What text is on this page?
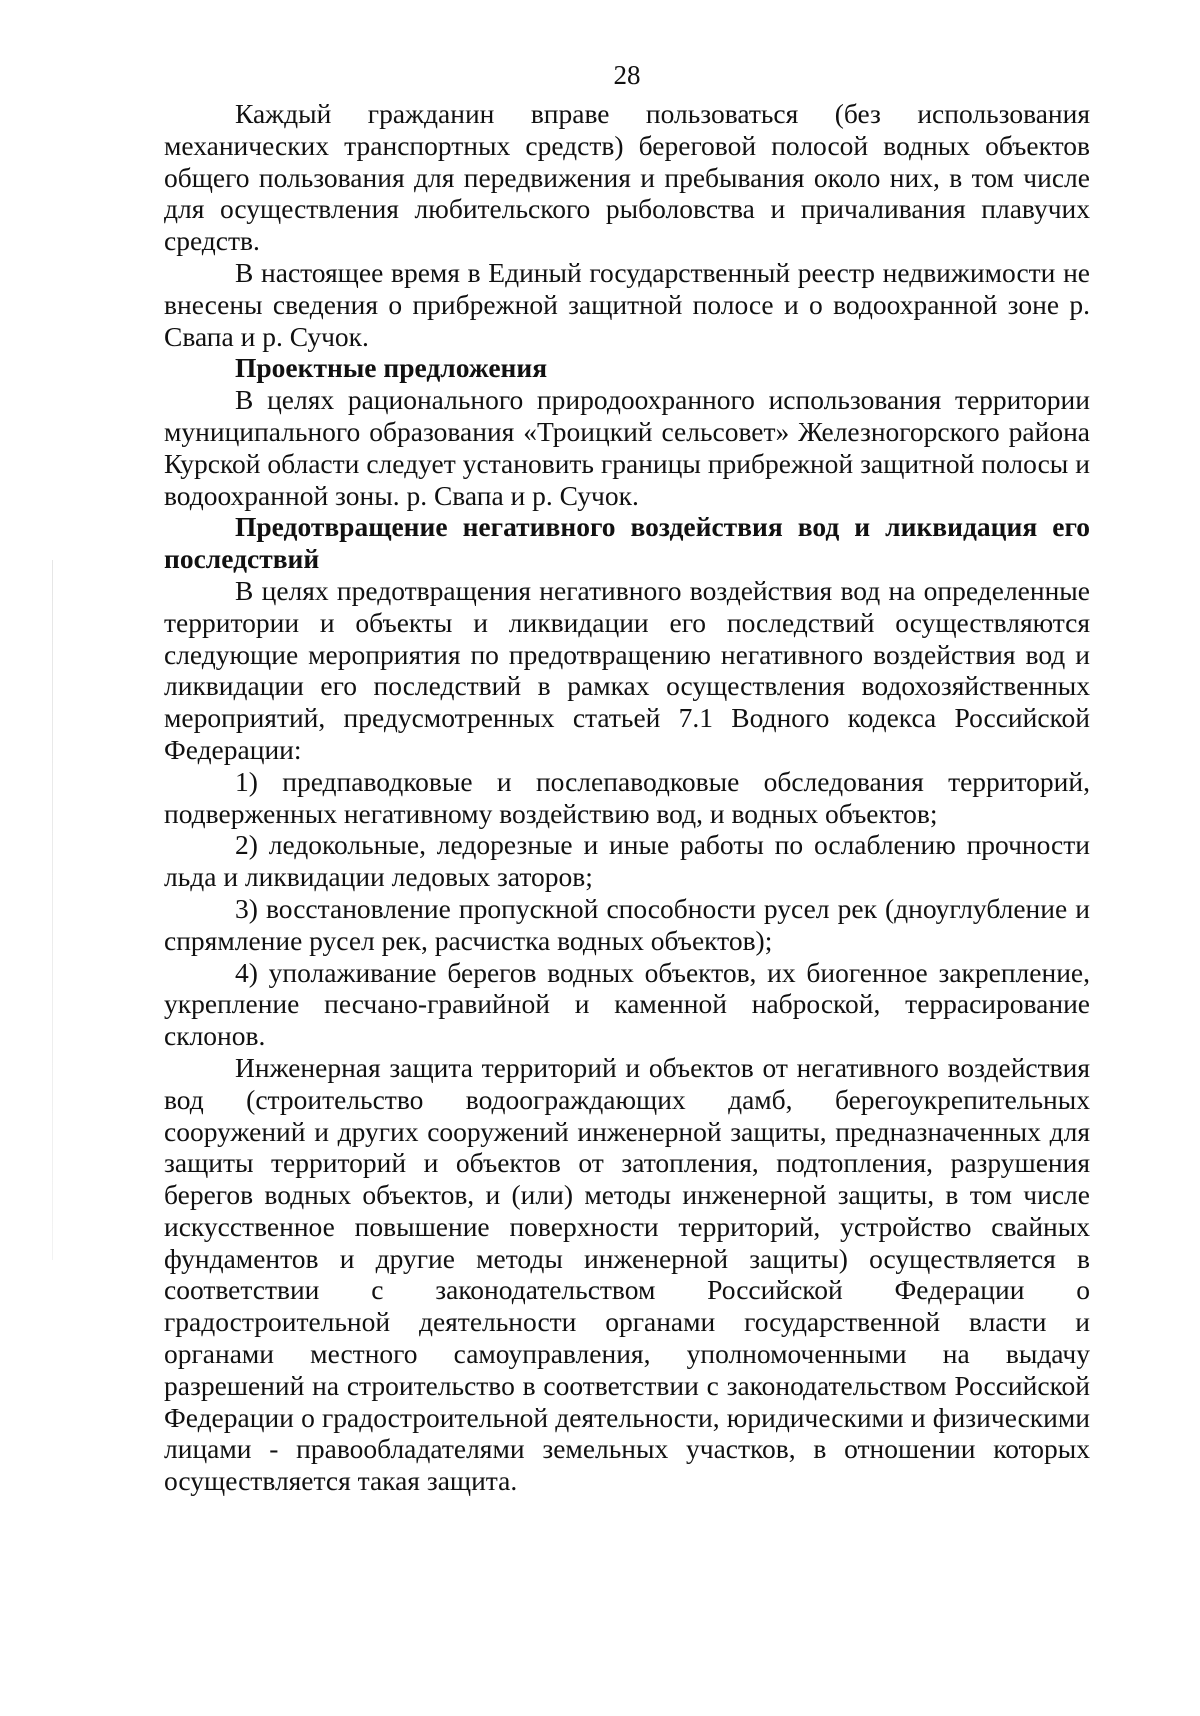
28

Каждый гражданин вправе пользоваться (без использования механических транспортных средств) береговой полосой водных объектов общего пользования для передвижения и пребывания около них, в том числе для осуществления любительского рыболовства и причаливания плавучих средств.

В настоящее время в Единый государственный реестр недвижимости не внесены сведения о прибрежной защитной полосе и о водоохранной зоне р. Свапа и р. Сучок.

Проектные предложения

В целях рационального природоохранного использования территории муниципального образования «Троицкий сельсовет» Железногорского района Курской области следует установить границы прибрежной защитной полосы и водоохранной зоны. р. Свапа и р. Сучок.

Предотвращение негативного воздействия вод и ликвидация его последствий

В целях предотвращения негативного воздействия вод на определенные территории и объекты и ликвидации его последствий осуществляются следующие мероприятия по предотвращению негативного воздействия вод и ликвидации его последствий в рамках осуществления водохозяйственных мероприятий, предусмотренных статьей 7.1 Водного кодекса Российской Федерации:

1) предпаводковые и послепаводковые обследования территорий, подверженных негативному воздействию вод, и водных объектов;

2) ледокольные, ледорезные и иные работы по ослаблению прочности льда и ликвидации ледовых заторов;

3) восстановление пропускной способности русел рек (дноуглубление и спрямление русел рек, расчистка водных объектов);

4) уполаживание берегов водных объектов, их биогенное закрепление, укрепление песчано-гравийной и каменной наброской, террасирование склонов.

Инженерная защита территорий и объектов от негативного воздействия вод (строительство водоограждающих дамб, берегоукрепительных сооружений и других сооружений инженерной защиты, предназначенных для защиты территорий и объектов от затопления, подтопления, разрушения берегов водных объектов, и (или) методы инженерной защиты, в том числе искусственное повышение поверхности территорий, устройство свайных фундаментов и другие методы инженерной защиты) осуществляется в соответствии с законодательством Российской Федерации о градостроительной деятельности органами государственной власти и органами местного самоуправления, уполномоченными на выдачу разрешений на строительство в соответствии с законодательством Российской Федерации о градостроительной деятельности, юридическими и физическими лицами - правообладателями земельных участков, в отношении которых осуществляется такая защита.
